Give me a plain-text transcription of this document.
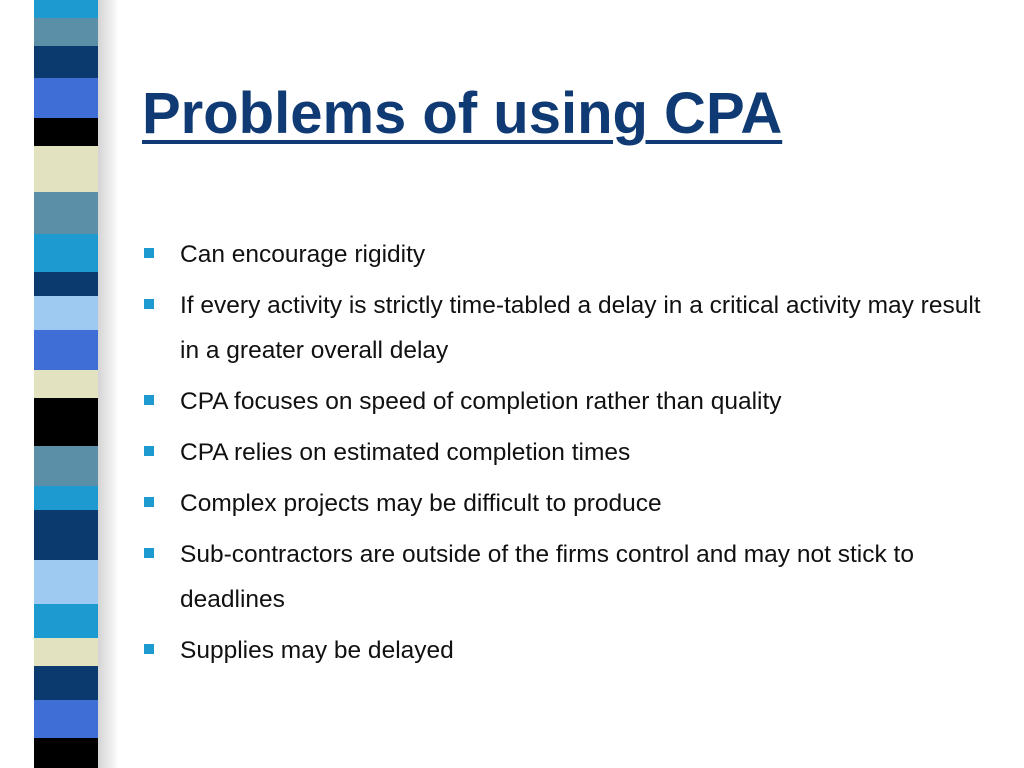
Problems of using CPA
Can encourage rigidity
If every activity is strictly time-tabled a delay in a critical activity may result in a greater overall delay
CPA focuses on speed of completion rather than quality
CPA relies on estimated completion times
Complex projects may be difficult to produce
Sub-contractors are outside of the firms control and may not stick to deadlines
Supplies may be delayed
